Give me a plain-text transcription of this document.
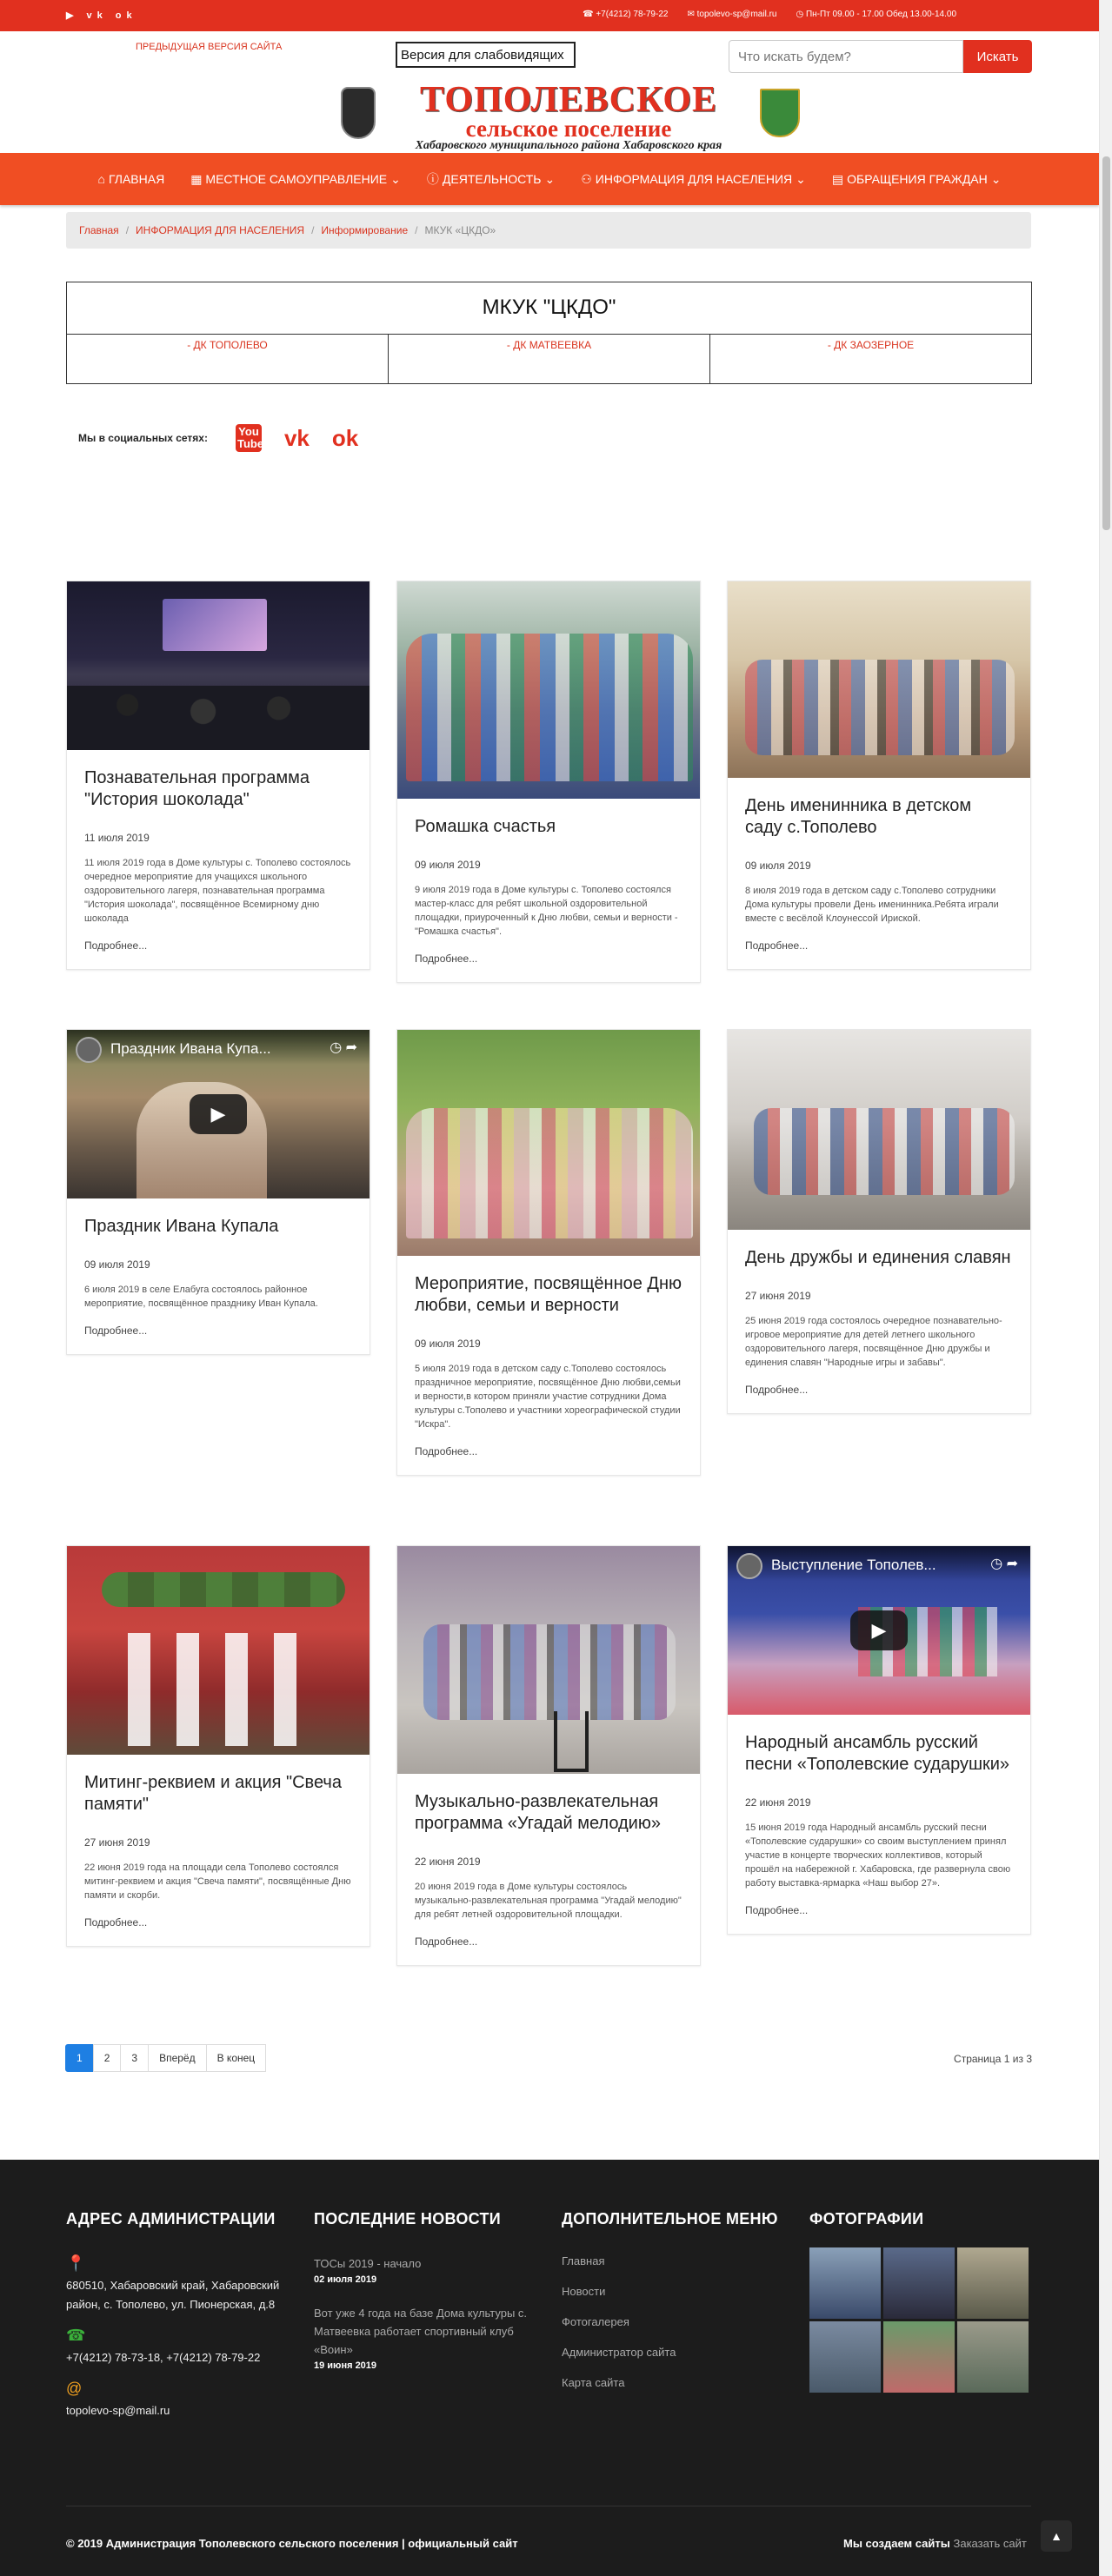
▶ vk ok	☎ +7(4212) 78-79-22 ✉ topolevo-sp@mail.ru ◷ Пн-Пт 09.00 - 17.00 Обед 13.00-14.00
ПРЕДЫДУЩАЯ ВЕРСИЯ САЙТА
Версия для слабовидящих
Что искать будем?	Искать
ТОПОЛЕВСКОЕ
сельское поселение
Хабаровского муниципального района Хабаровского края
⌂ ГЛАВНАЯ ▦ МЕСТНОЕ САМОУПРАВЛЕНИЕ ⌄ ⓘ ДЕЯТЕЛЬНОСТЬ ⌄ ⚇ ИНФОРМАЦИЯ ДЛЯ НАСЕЛЕНИЯ ⌄ ▤ ОБРАЩЕНИЯ ГРАЖДАН ⌄
Главная / ИНФОРМАЦИЯ ДЛЯ НАСЕЛЕНИЯ / Информирование / МКУК «ЦКДО»
МКУК "ЦКДО"
- ДК ТОПОЛЕВО	- ДК МАТВЕЕВКА	- ДК ЗАОЗЕРНОЕ
Мы в социальных сетях:	You Tube vk ok
Познавательная программа "История шоколада"
11 июля 2019
11 июля 2019 года в Доме культуры с. Тополево состоялось очередное мероприятие для учащихся школьного оздоровительного лагеря, познавательная программа "История шоколада", посвящённое Всемирному дню шоколада
Подробнее...
Ромашка счастья
09 июля 2019
9 июля 2019 года в Доме культуры с. Тополево состоялся мастер-класс для ребят школьной оздоровительной площадки, приуроченный к Дню любви, семьи и верности - "Ромашка счастья".
Подробнее...
День именинника в детском саду с.Тополево
09 июля 2019
8 июля 2019 года в детском саду с.Тополево сотрудники Дома культуры провели День именинника.Ребята играли вместе с весёлой Клоунессой Ириской.
Подробнее...
Праздник Ивана Купа...	◷ ➦
▶
Праздник Ивана Купала
09 июля 2019
6 июля 2019 в селе Елабуга состоялось районное мероприятие, посвящённое празднику Иван Купала.
Подробнее...
Мероприятие, посвящённое Дню любви, семьи и верности
09 июля 2019
5 июля 2019 года в детском саду с.Тополево состоялось праздничное мероприятие, посвящённое Дню любви,семьи и верности,в котором приняли участие сотрудники Дома культуры с.Тополево и участники хореографической студии "Искра".
Подробнее...
День дружбы и единения славян
27 июня 2019
25 июня 2019 года состоялось очередное познавательно-игровое мероприятие для детей летнего школьного оздоровительного лагеря, посвящённое Дню дружбы и единения славян "Народные игры и забавы".
Подробнее...
Митинг-реквием и акция "Свеча памяти"
27 июня 2019
22 июня 2019 года на площади села Тополево состоялся митинг-реквием и акция "Свеча памяти", посвящённые Дню памяти и скорби.
Подробнее...
Музыкально-развлекательная программа «Угадай мелодию»
22 июня 2019
20 июня 2019 года в Доме культуры состоялось музыкально-развлекательная программа "Угадай мелодию" для ребят летней оздоровительной площадки.
Подробнее...
Выступление Тополев...	◷ ➦
▶
Народный ансамбль русский песни «Тополевские сударушки»
22 июня 2019
15 июня 2019 года Народный ансамбль русский песни «Тополевские сударушки» со своим выступлением принял участие в концерте творческих коллективов, который прошёл на набережной г. Хабаровска, где развернула свою работу выставка-ярмарка «Наш выбор 27».
Подробнее...
1	2	3	Вперёд	В конец	Страница 1 из 3
АДРЕС АДМИНИСТРАЦИИ
📍
680510, Хабаровский край, Хабаровский район, с. Тополево, ул. Пионерская, д.8
☎
+7(4212) 78-73-18, +7(4212) 78-79-22
@
topolevo-sp@mail.ru
ПОСЛЕДНИЕ НОВОСТИ
ТОСы 2019 - начало
02 июля 2019
Вот уже 4 года на базе Дома культуры с. Матвеевка работает спортивный клуб «Воин»
19 июня 2019
ДОПОЛНИТЕЛЬНОЕ МЕНЮ
Главная
Новости
Фотогалерея
Администратор сайта
Карта сайта
ФОТОГРАФИИ
© 2019 Администрация Тополевского сельского поселения | официальный сайт	Мы создаем сайты Заказать сайт
▲
